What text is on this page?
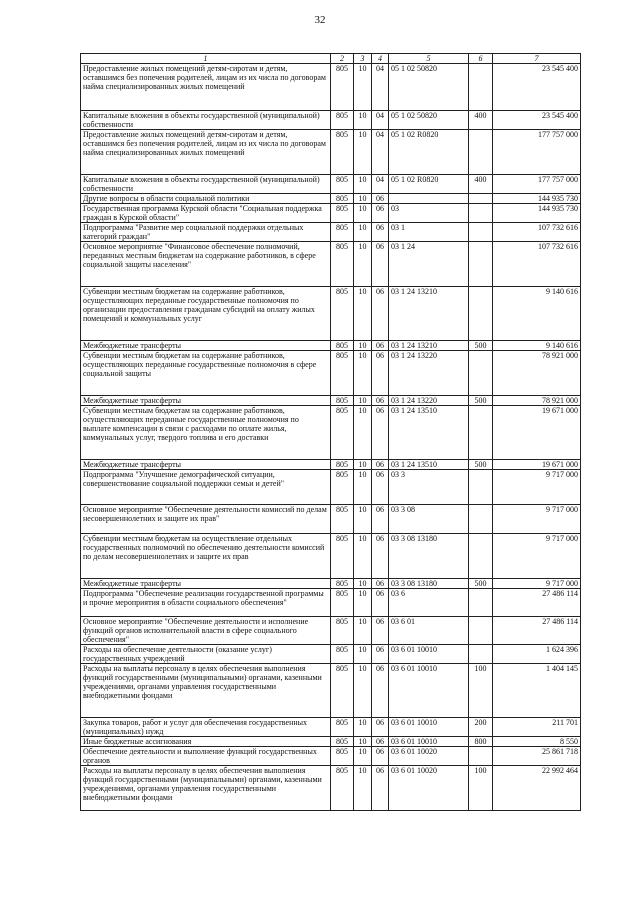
32
1	2	3	4	5	6	7
Предоставление жилых помещений детям-сиротам и детям, оставшимся без попечения родителей, лицам из их числа по договорам найма специализированных жилых помещений	805	10	04	05 1 02 50820		23 545 400
Капитальные вложения в объекты государственной (муниципальной) собственности	805	10	04	05 1 02 50820	400	23 545 400
Предоставление жилых помещений детям-сиротам и детям, оставшимся без попечения родителей, лицам из их числа по договорам найма специализированных жилых помещений	805	10	04	05 1 02 R0820		177 757 000
Капитальные вложения в объекты государственной (муниципальной) собственности	805	10	04	05 1 02 R0820	400	177 757 000
Другие вопросы в области социальной политики	805	10	06			144 935 730
Государственная программа Курской области "Социальная поддержка граждан в Курской области"	805	10	06	03		144 935 730
Подпрограмма "Развитие мер социальной поддержки отдельных категорий граждан"	805	10	06	03 1		107 732 616
Основное мероприятие "Финансовое обеспечение полномочий, переданных местным бюджетам на содержание работников, в сфере социальной защиты населения"	805	10	06	03 1 24		107 732 616
Субвенции местным бюджетам на содержание работников, осуществляющих переданные государственные полномочия по организации предоставления гражданам субсидий на оплату жилых помещений и коммунальных услуг	805	10	06	03 1 24 13210		9 140 616
Межбюджетные трансферты	805	10	06	03 1 24 13210	500	9 140 616
Субвенции местным бюджетам на содержание работников, осуществляющих переданные государственные полномочия в сфере социальной защиты	805	10	06	03 1 24 13220		78 921 000
Межбюджетные трансферты	805	10	06	03 1 24 13220	500	78 921 000
Субвенции местным бюджетам на содержание работников, осуществляющих переданные государственные полномочия по выплате компенсации в связи с расходами по оплате жилья, коммунальных услуг, твердого топлива и его доставки	805	10	06	03 1 24 13510		19 671 000
Межбюджетные трансферты	805	10	06	03 1 24 13510	500	19 671 000
Подпрограмма "Улучшение демографической ситуации, совершенствование социальной поддержки семьи и детей"	805	10	06	03 3		9 717 000
Основное мероприятие "Обеспечение деятельности комиссий по делам несовершеннолетних и защите их прав"	805	10	06	03 3 08		9 717 000
Субвенции местным бюджетам на осуществление отдельных государственных полномочий по обеспечению деятельности комиссий по делам несовершеннолетних и защите их прав	805	10	06	03 3 08 13180		9 717 000
Межбюджетные трансферты	805	10	06	03 3 08 13180	500	9 717 000
Подпрограмма "Обеспечение реализации государственной программы и прочие мероприятия в области социального обеспечения"	805	10	06	03 6		27 486 114
Основное мероприятие "Обеспечение деятельности и исполнение функций органов исполнительной власти в сфере социального обеспечения"	805	10	06	03 6 01		27 486 114
Расходы на обеспечение деятельности (оказание услуг) государственных учреждений	805	10	06	03 6 01 10010		1 624 396
Расходы на выплаты персоналу в целях обеспечения выполнения функций государственными (муниципальными) органами, казенными учреждениями, органами управления государственными внебюджетными фондами	805	10	06	03 6 01 10010	100	1 404 145
Закупка товаров, работ и услуг для обеспечения государственных (муниципальных) нужд	805	10	06	03 6 01 10010	200	211 701
Иные бюджетные ассигнования	805	10	06	03 6 01 10010	800	8 550
Обеспечение деятельности и выполнение функций государственных органов	805	10	06	03 6 01 10020		25 861 718
Расходы на выплаты персоналу в целях обеспечения выполнения функций государственными (муниципальными) органами, казенными учреждениями, органами управления государственными внебюджетными фондами	805	10	06	03 6 01 10020	100	22 992 464
